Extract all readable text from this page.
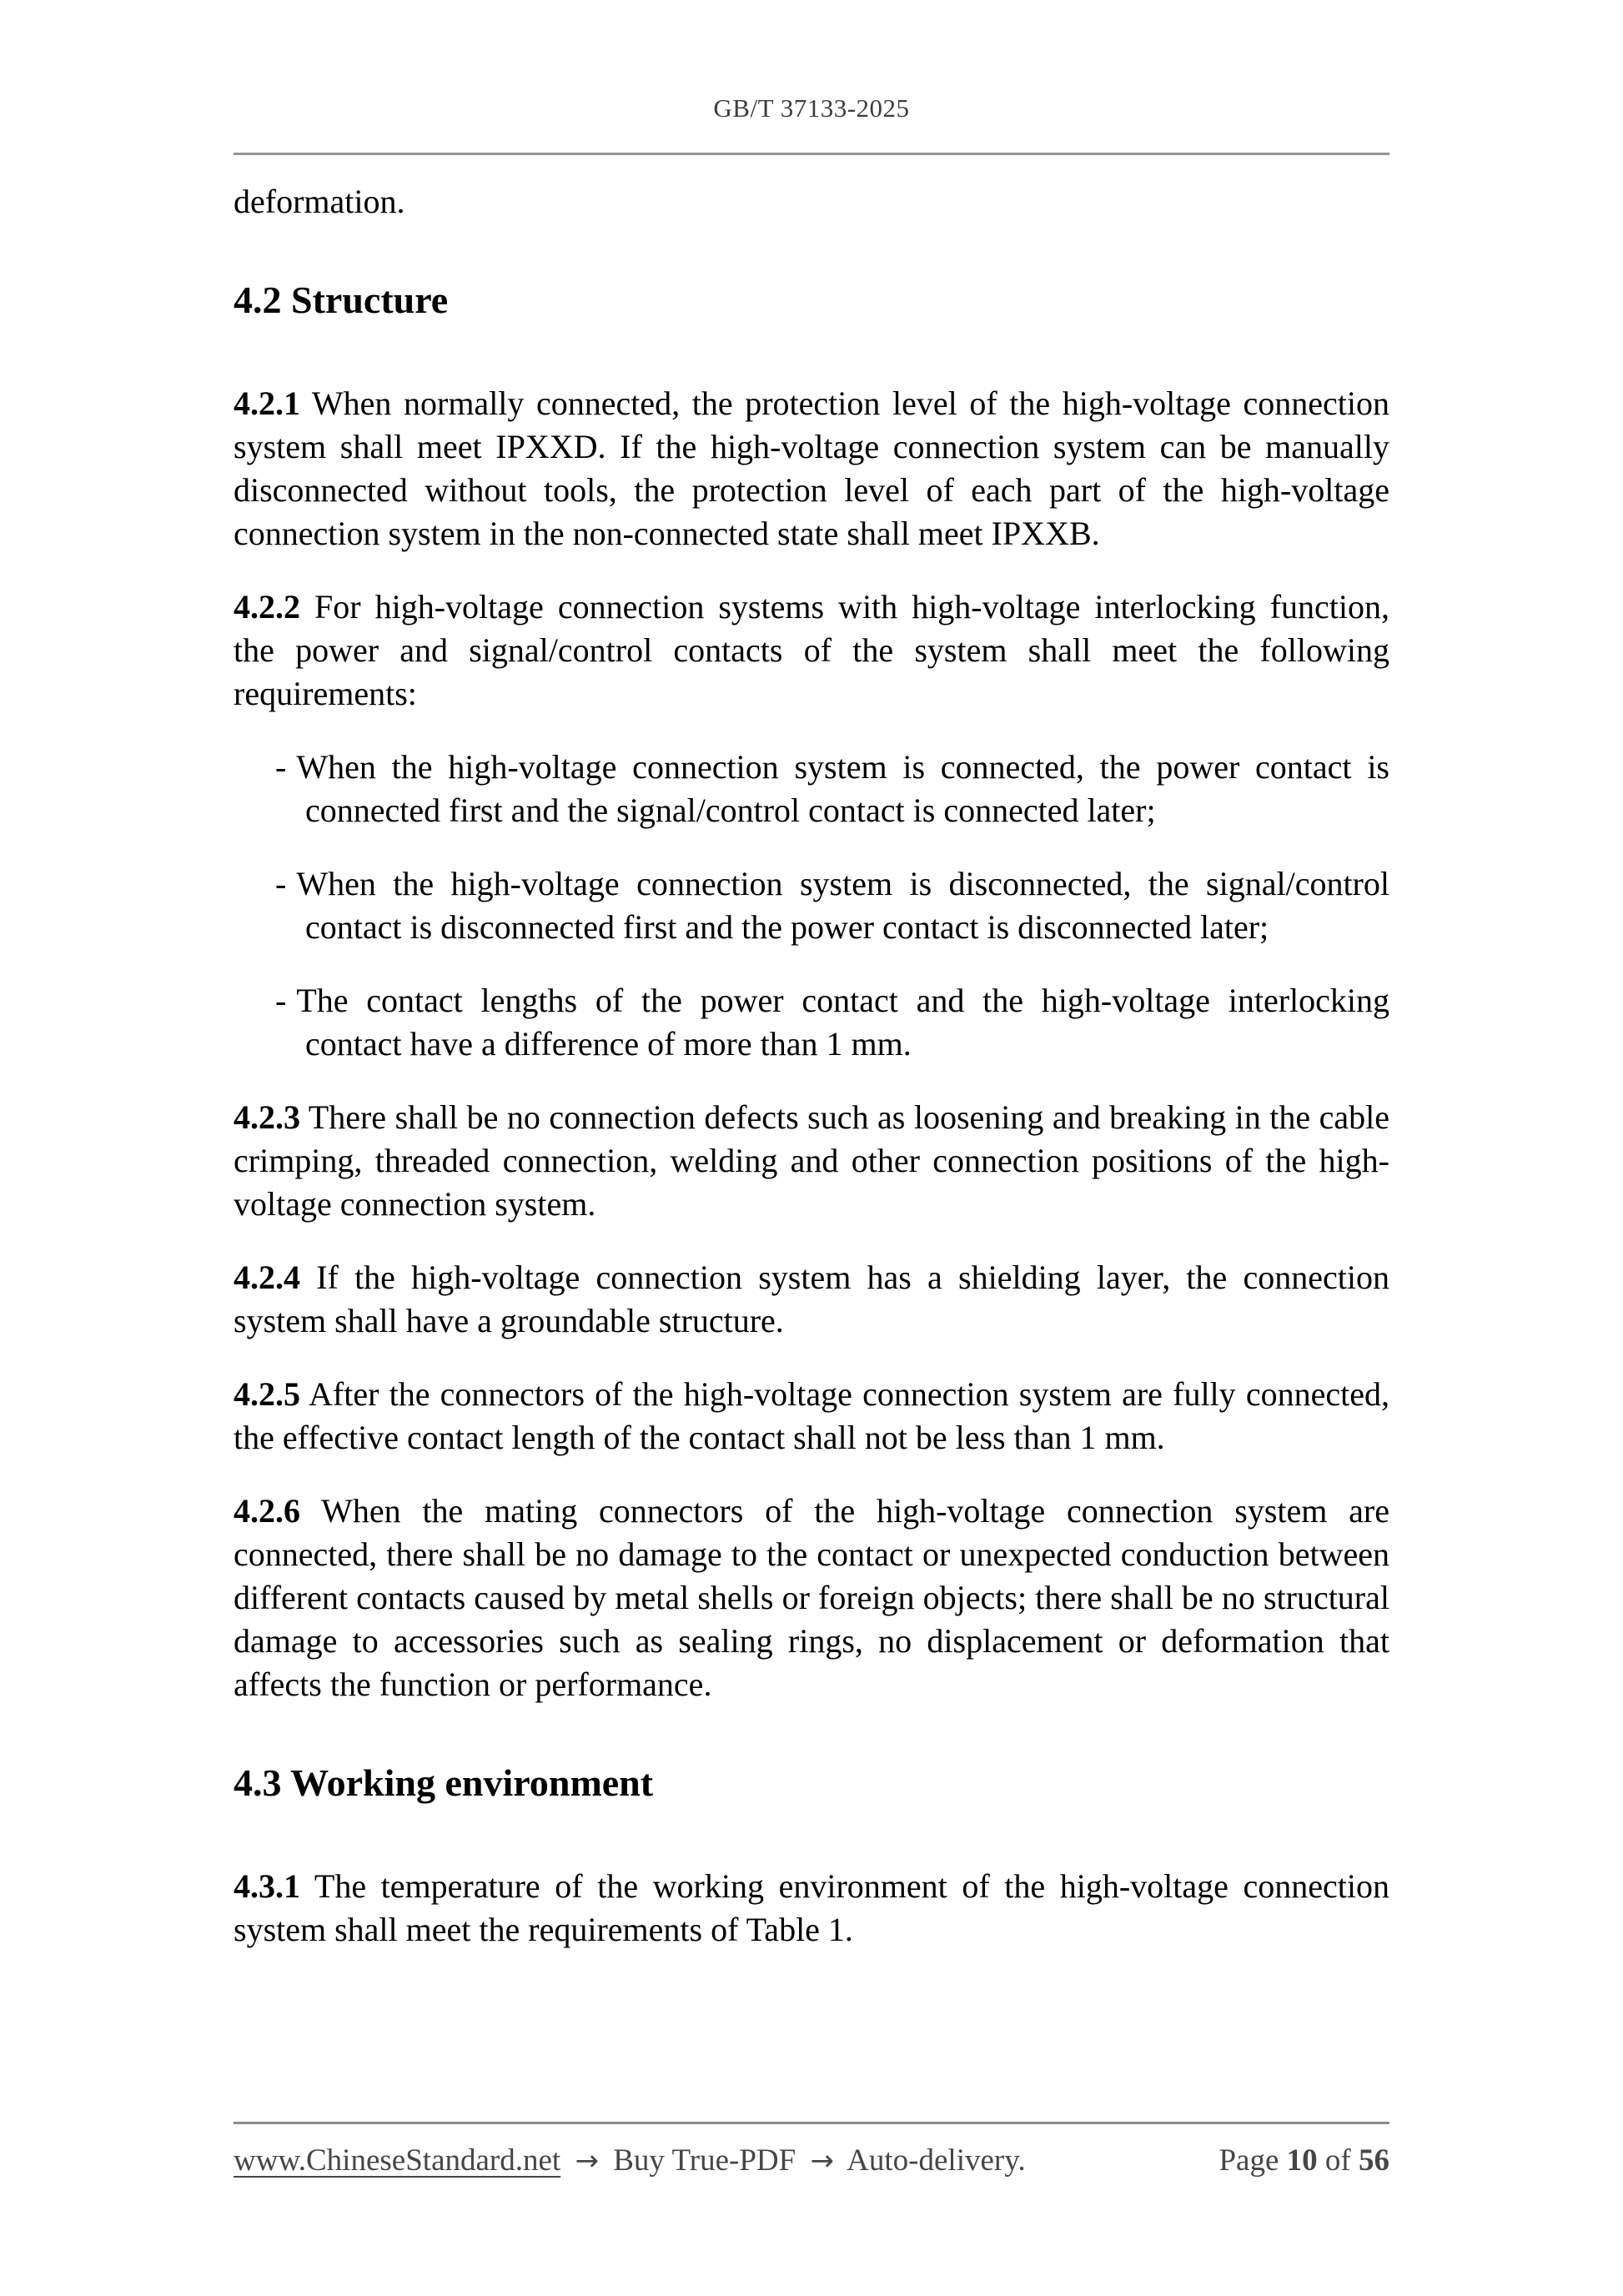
GB/T 37133-2025

deformation.

4.2 Structure

4.2.1 When normally connected, the protection level of the high-voltage connection system shall meet IPXXD. If the high-voltage connection system can be manually disconnected without tools, the protection level of each part of the high-voltage connection system in the non-connected state shall meet IPXXB.

4.2.2 For high-voltage connection systems with high-voltage interlocking function, the power and signal/control contacts of the system shall meet the following requirements:

- When the high-voltage connection system is connected, the power contact is connected first and the signal/control contact is connected later;
- When the high-voltage connection system is disconnected, the signal/control contact is disconnected first and the power contact is disconnected later;
- The contact lengths of the power contact and the high-voltage interlocking contact have a difference of more than 1 mm.

4.2.3 There shall be no connection defects such as loosening and breaking in the cable crimping, threaded connection, welding and other connection positions of the high-voltage connection system.

4.2.4 If the high-voltage connection system has a shielding layer, the connection system shall have a groundable structure.

4.2.5 After the connectors of the high-voltage connection system are fully connected, the effective contact length of the contact shall not be less than 1 mm.

4.2.6 When the mating connectors of the high-voltage connection system are connected, there shall be no damage to the contact or unexpected conduction between different contacts caused by metal shells or foreign objects; there shall be no structural damage to accessories such as sealing rings, no displacement or deformation that affects the function or performance.

4.3 Working environment

4.3.1 The temperature of the working environment of the high-voltage connection system shall meet the requirements of Table 1.

www.ChineseStandard.net → Buy True-PDF → Auto-delivery.	Page 10 of 56
